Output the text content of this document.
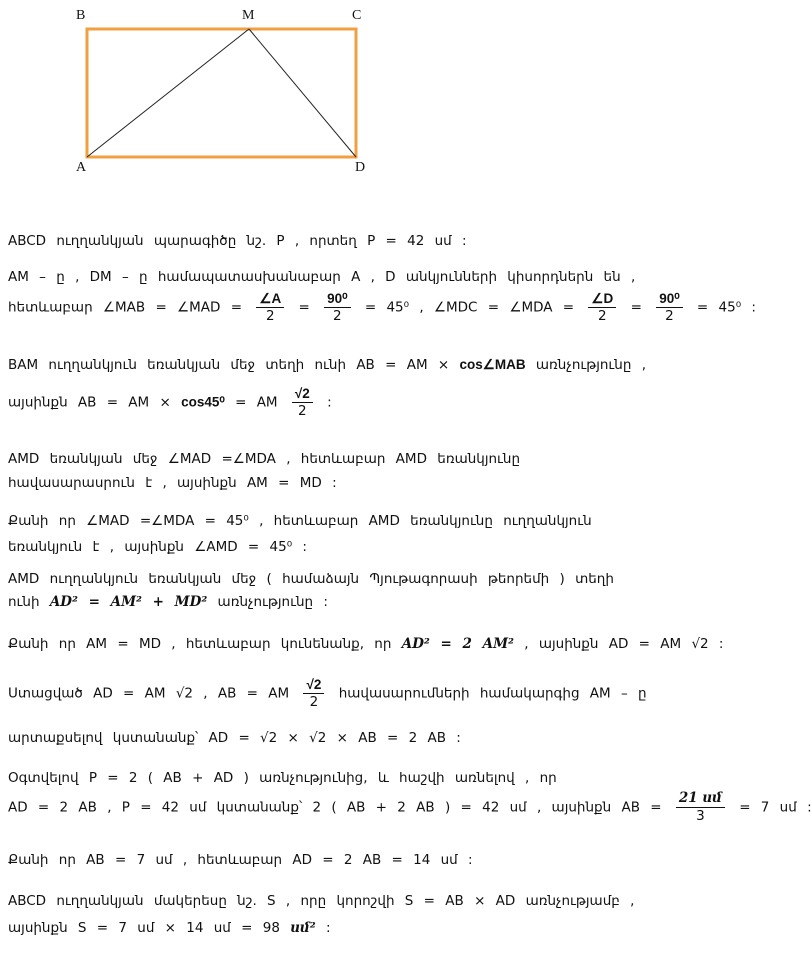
B	M	C
A	D
ABCD ուղղանկյան պարագիծը նշ. P , որտեղ P = 42 սմ :
AM – ը , DM – ը համապատասխանաբար A , D անկյունների կիսորդներն են ,
հետևաբար ∠MAB = ∠MAD = $\frac{\angle A}{2} = \frac{\text{90⁰}}{2} = 45^0$ , ∠MDC = ∠MDA = $\frac{\angle D}{2} = \frac{\text{90⁰}}{2} = 45^0$ :
BAM ուղղանկյուն եռանկյան մեջ տեղի ունի AB = AM × cos∠MAB առնչությունը ,
այսինքն AB = AM × cos45⁰ = AM $\frac{√2}{2}$ :
AMD եռանկյան մեջ ∠MAD =∠MDA , հետևաբար AMD եռանկյունը
հավասարասրուն է , այսինքն AM = MD :
Քանի որ ∠MAD =∠MDA = 45⁰ , հետևաբար AMD եռանկյունը ուղղանկյուն
եռանկյուն է , այսինքն ∠AMD = 45⁰ :
AMD ուղղանկյուն եռանկյան մեջ ( համաձայն Պյութագորասի թեորեմի ) տեղի
ունի AD² = AM² + MD² առնչությունը :
Քանի որ AM = MD , հետևաբար կունենանք, որ AD² = 2 AM² , այսինքն AD = AM √2 :
Ստացված AD = AM √2 , AB = AM $\frac{√2}{2}$ հավասարումների համակարգից AM – ը
արտաքսելով կստանանք՝ AD = √2 × √2 × AB = 2 AB :
Օգտվելով P = 2 ( AB + AD ) առնչությունից, և հաշվի առնելով , որ
AD = 2 AB , P = 42 սմ կստանանք՝ 2 ( AB + 2 AB ) = 42 սմ , այսինքն AB = $\frac{\text{21 սմ}}{3} = 7$ սմ :
Քանի որ AB = 7 սմ , հետևաբար AD = 2 AB = 14 սմ :
ABCD ուղղանկյան մակերեսը նշ. S , որը կորոշվի S = AB × AD առնչությամբ ,
այսինքն S = 7 սմ × 14 սմ = 98 սմ² :
